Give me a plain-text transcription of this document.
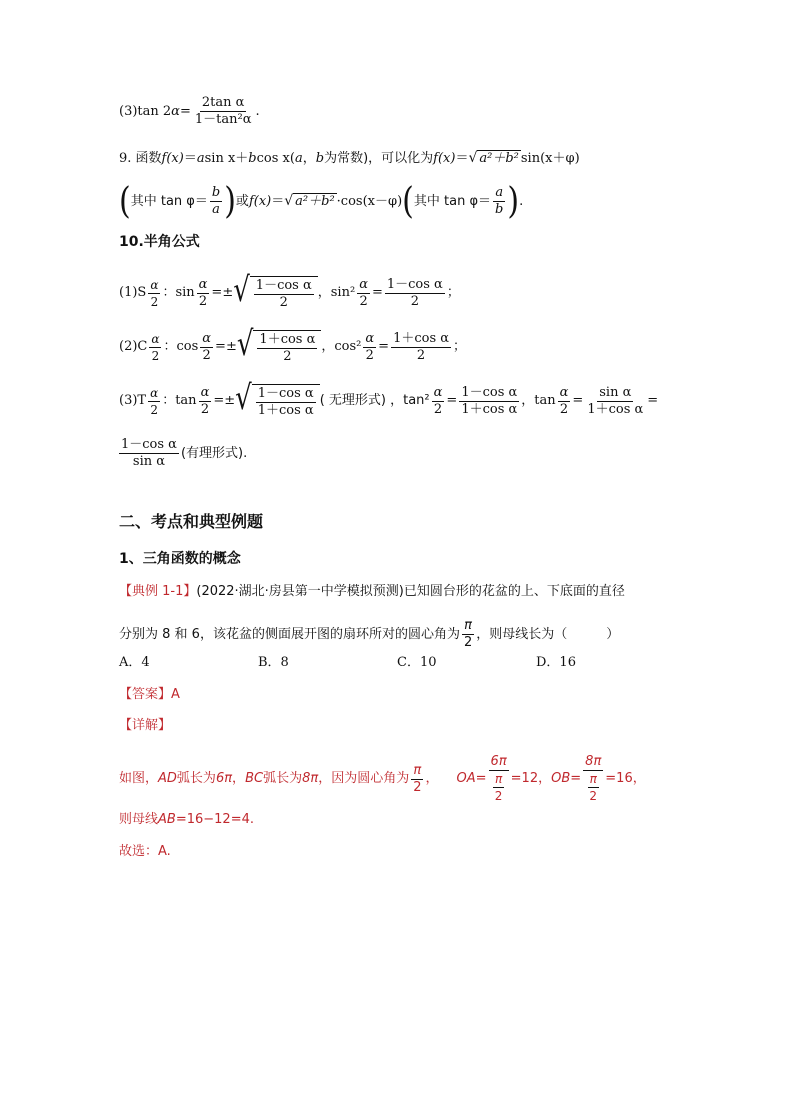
(3)tan 2 $\alpha = \frac{\text{2tan α}}{\text{1－tan²α}}$ .
9. 函数 f(x) ＝ a sin x＋ b cos x( a ， b 为常数)，可以化为 f(x) ＝ √ a²＋b² sin(x＋φ)
( 其中 $\tan \varphi= \frac{b}{a}$ ) 或 f(x) ＝ √ a²＋b² ·cos(x－φ) ( 其中 $\tan \varphi= \frac{a}{b}$ ) .
10.半角公式
$(1)S \frac{\alpha}{2}$ ：$\sin \frac{\alpha}{2}$ =± √ $\frac{\text{1－cos α}}{2}$ ，$\sin^2 \frac{\alpha}{2} = \frac{\text{1－cos α}}{2}$ ；
$(2)C \frac{\alpha}{2}$ ：$\cos \frac{\alpha}{2}$ =± √ $\frac{\text{1＋cos α}}{2}$ ，$\cos^2 \frac{\alpha}{2} = \frac{\text{1＋cos α}}{2}$ ；
$(3)T \frac{\alpha}{2}$ ：$\tan \frac{\alpha}{2}$ =± √ $\frac{\text{1－cos α}}{\text{1＋cos α}}$ ( 无理形式) ，$\tan^2 \frac{\alpha}{2} = \frac{\text{1－cos α}}{\text{1＋cos α}}$ ，$\tan \frac{\alpha}{2} = \frac{\text{sin α}}{\text{1＋cos α}}$ =
$\frac{\text{1－cos α}}{\text{sin α}}$ (有理形式).
二、考点和典型例题
1、三角函数的概念
【典例 1-1】 (2022·湖北·房县第一中学模拟预测) 已知圆台形的花盆的上、下底面的直径
分别为 8 和 6，该花盆的侧面展开图的扇环所对的圆心角为 $\frac{\pi}{2}$ ，则母线长为（　　　）
A．4	B．8	C．10	D．16
【答案】 A
【详解】
如图， AD 弧长为 6π ， BC 弧长为 8π ，因为圆心角为 $\frac{\pi}{2}$ ， OA = $\frac{6\pi}{\frac{\pi}{2}} =12$ ， OB = $\frac{8\pi}{\frac{\pi}{2}} =16$ ，
则母线 AB =16−12=4 .
故选：A.
